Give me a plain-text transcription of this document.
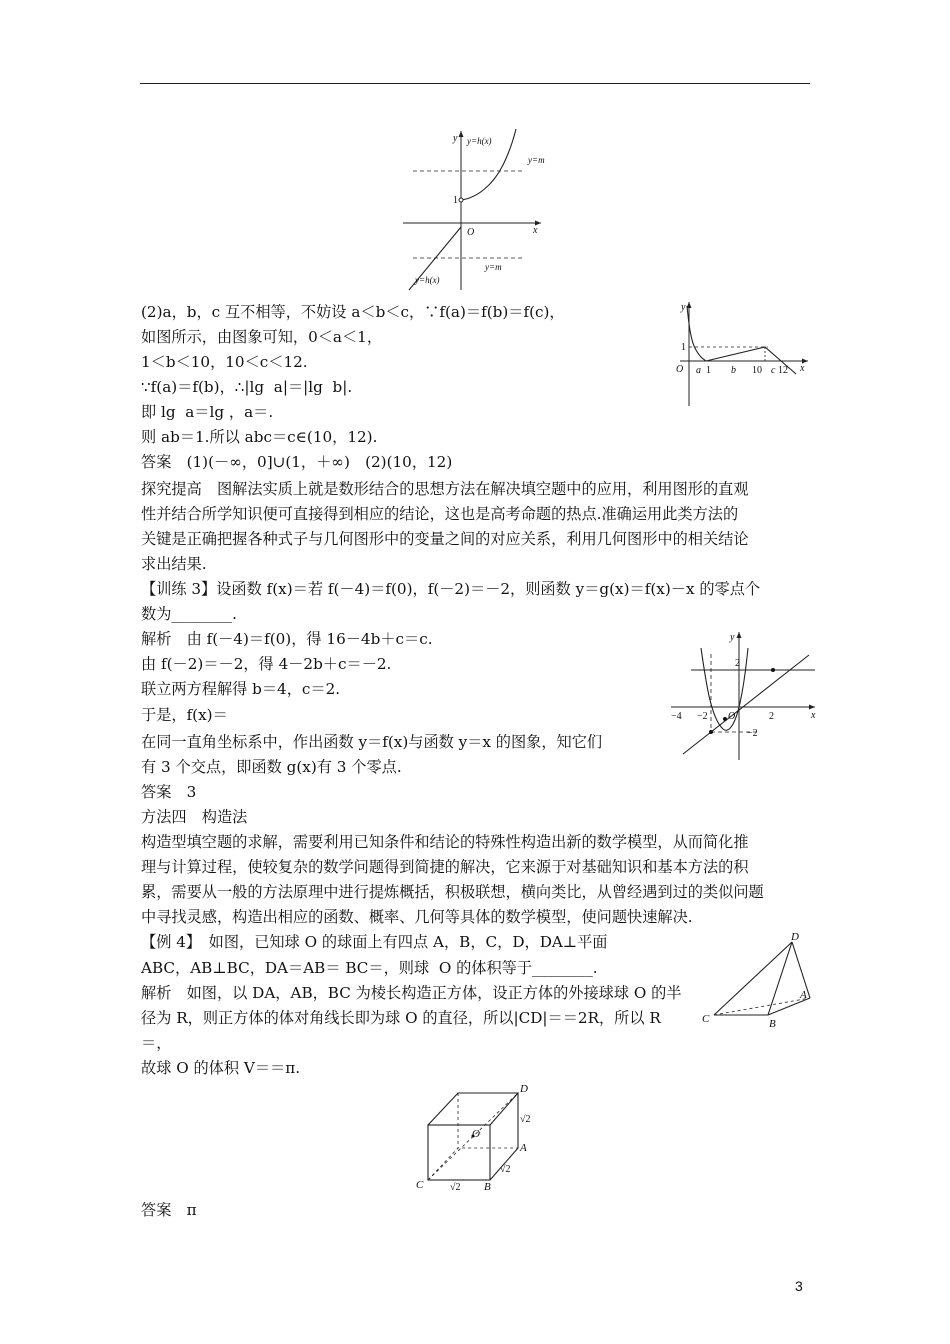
y
x
O
1
y=h(x)
y=m
y=m
y=h(x)
y
x
O
1
a 1 b 10 c 12
y
x
−4 −2 O	2
2
−2
D
A
B
C
D
O
A
B
C
√2
√2
√2
(2)a，b，c 互不相等，不妨设 a＜b＜c，∵f(a)＝f(b)＝f(c)，
如图所示，由图象可知，0＜a＜1，
1＜b＜10，10＜c＜12.
∵f(a)＝f(b)，∴|lg  a|＝|lg  b|.
即 lg  a＝lg ，a＝.
则 ab＝1.所以 abc＝c∈(10，12).
答案　(1)(－∞，0]∪(1，＋∞)　(2)(10，12)
探究提高　图解法实质上就是数形结合的思想方法在解决填空题中的应用，利用图形的直观
性并结合所学知识便可直接得到相应的结论，这也是高考命题的热点.准确运用此类方法的
关键是正确把握各种式子与几何图形中的变量之间的对应关系，利用几何图形中的相关结论
求出结果.
【训练 3】设函数 f(x)＝若 f(－4)＝f(0)，f(－2)＝－2，则函数 y＝g(x)＝f(x)－x 的零点个
数为________.
解析　由 f(－4)＝f(0)，得 16－4b＋c＝c.
由 f(－2)＝－2，得 4－2b＋c＝－2.
联立两方程解得 b＝4，c＝2.
于是，f(x)＝
在同一直角坐标系中，作出函数 y＝f(x)与函数 y＝x 的图象，知它们
有 3 个交点，即函数 g(x)有 3 个零点.
答案　3
方法四　构造法
构造型填空题的求解，需要利用已知条件和结论的特殊性构造出新的数学模型，从而简化推
理与计算过程，使较复杂的数学问题得到简捷的解决，它来源于对基础知识和基本方法的积
累，需要从一般的方法原理中进行提炼概括，积极联想，横向类比，从曾经遇到过的类似问题
中寻找灵感，构造出相应的函数、概率、几何等具体的数学模型，使问题快速解决.
【例 4】　如图，已知球 O 的球面上有四点 A，B，C，D，DA⊥平面
ABC，AB⊥BC，DA＝AB＝ BC＝，则球  O 的体积等于________.
解析　如图，以 DA，AB，BC 为棱长构造正方体，设正方体的外接球球 O 的半
径为 R，则正方体的体对角线长即为球 O 的直径，所以|CD|＝＝2R，所以 R
＝，
故球 O 的体积 V＝＝π.
答案　π
3
